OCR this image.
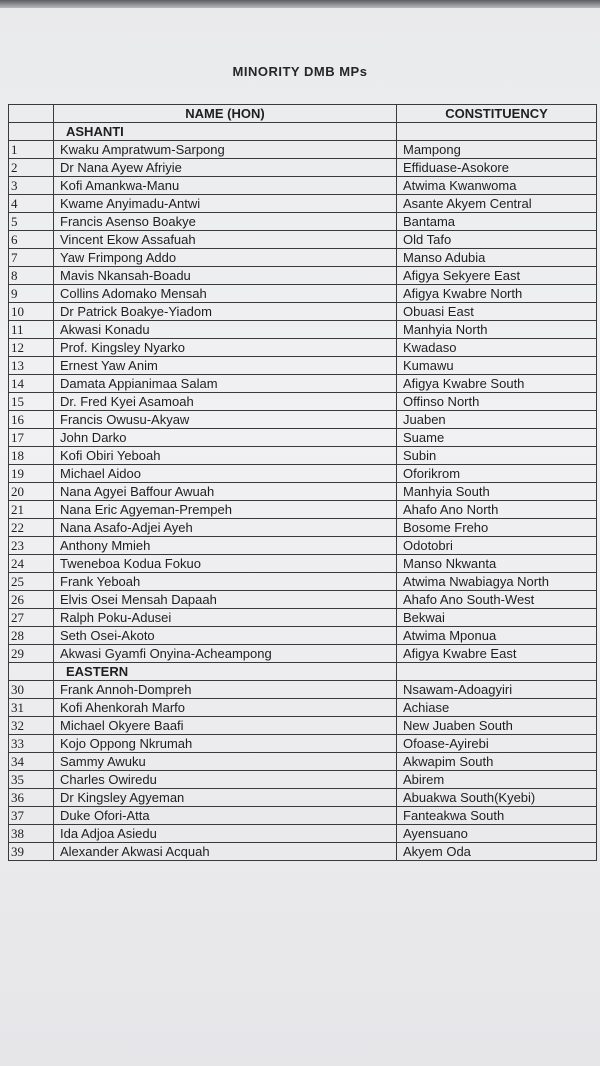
MINORITY DMB MPs
	NAME (HON)	CONSTITUENCY
	ASHANTI	
1	Kwaku Ampratwum-Sarpong	Mampong
2	Dr Nana Ayew Afriyie	Effiduase-Asokore
3	Kofi Amankwa-Manu	Atwima Kwanwoma
4	Kwame Anyimadu-Antwi	Asante Akyem Central
5	Francis Asenso Boakye	Bantama
6	Vincent Ekow Assafuah	Old Tafo
7	Yaw Frimpong Addo	Manso Adubia
8	Mavis Nkansah-Boadu	Afigya Sekyere East
9	Collins Adomako Mensah	Afigya Kwabre North
10	Dr Patrick Boakye-Yiadom	Obuasi East
11	Akwasi Konadu	Manhyia North
12	Prof. Kingsley Nyarko	Kwadaso
13	Ernest Yaw Anim	Kumawu
14	Damata Appianimaa Salam	Afigya Kwabre South
15	Dr. Fred Kyei Asamoah	Offinso North
16	Francis Owusu-Akyaw	Juaben
17	John Darko	Suame
18	Kofi Obiri Yeboah	Subin
19	Michael Aidoo	Oforikrom
20	Nana Agyei Baffour Awuah	Manhyia South
21	Nana Eric Agyeman-Prempeh	Ahafo Ano North
22	Nana Asafo-Adjei Ayeh	Bosome Freho
23	Anthony Mmieh	Odotobri
24	Tweneboa Kodua Fokuo	Manso Nkwanta
25	Frank Yeboah	Atwima Nwabiagya North
26	Elvis Osei Mensah Dapaah	Ahafo Ano South-West
27	Ralph Poku-Adusei	Bekwai
28	Seth Osei-Akoto	Atwima Mponua
29	Akwasi Gyamfi Onyina-Acheampong	Afigya Kwabre East
	EASTERN	
30	Frank Annoh-Dompreh	Nsawam-Adoagyiri
31	Kofi Ahenkorah Marfo	Achiase
32	Michael Okyere Baafi	New Juaben South
33	Kojo Oppong Nkrumah	Ofoase-Ayirebi
34	Sammy Awuku	Akwapim South
35	Charles Owiredu	Abirem
36	Dr Kingsley Agyeman	Abuakwa South(Kyebi)
37	Duke Ofori-Atta	Fanteakwa South
38	Ida Adjoa Asiedu	Ayensuano
39	Alexander Akwasi Acquah	Akyem Oda
